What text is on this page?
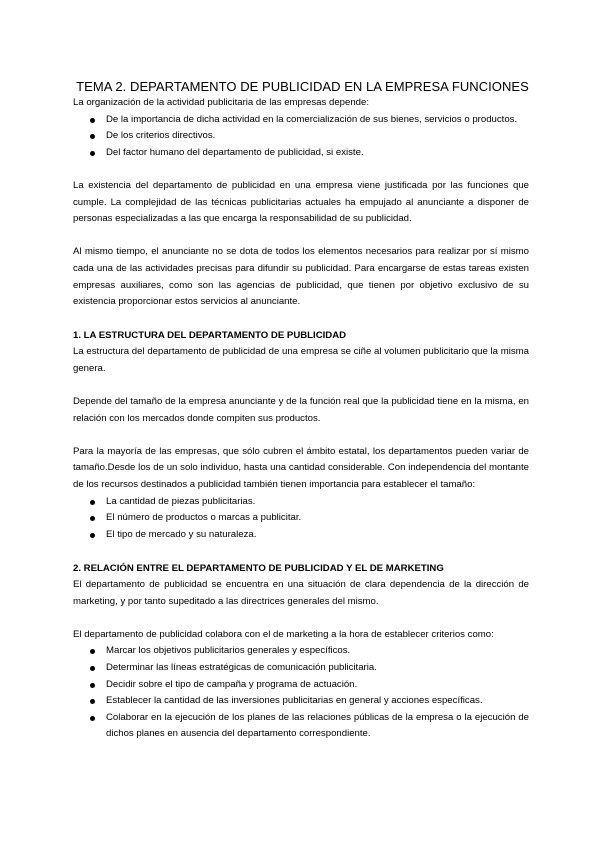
TEMA 2. DEPARTAMENTO DE PUBLICIDAD EN LA EMPRESA FUNCIONES

La organización de la actividad publicitaria de las empresas depende:

De la importancia de dicha actividad en la comercialización de sus bienes, servicios o productos.
De los criterios directivos.
Del factor humano del departamento de publicidad, si existe.

La existencia del departamento de publicidad en una empresa viene justificada por las funciones que cumple. La complejidad de las técnicas publicitarias actuales ha empujado al anunciante a disponer de personas especializadas a las que encarga la responsabilidad de su publicidad.

Al mismo tiempo, el anunciante no se dota de todos los elementos necesarios para realizar por sí mismo cada una de las actividades precisas para difundir su publicidad. Para encargarse de estas tareas existen empresas auxiliares, como son las agencias de publicidad, que tienen por objetivo exclusivo de su existencia proporcionar estos servicios al anunciante.

1. LA ESTRUCTURA DEL DEPARTAMENTO DE PUBLICIDAD

La estructura del departamento de publicidad de una empresa se ciñe al volumen publicitario que la misma genera.

Depende del tamaño de la empresa anunciante y de la función real que la publicidad tiene en la misma, en relación con los mercados donde compiten sus productos.

Para la mayoría de las empresas, que sólo cubren el ámbito estatal, los departamentos pueden variar de tamaño.Desde los de un solo individuo, hasta una cantidad considerable. Con independencia del montante de los recursos destinados a publicidad también tienen importancia para establecer el tamaño:

La cantidad de piezas publicitarias.
El número de productos o marcas a publicitar.
El tipo de mercado y su naturaleza.
2. RELACIÓN ENTRE EL DEPARTAMENTO DE PUBLICIDAD Y EL DE MARKETING

El departamento de publicidad se encuentra en una situación de clara dependencia de la dirección de marketing, y por tanto supeditado a las directrices generales del mismo.

El departamento de publicidad colabora con el de marketing a la hora de establecer criterios como:

Marcar los objetivos publicitarios generales y específicos.
Determinar las líneas estratégicas de comunicación publicitaria.
Decidir sobre el tipo de campaña y programa de actuación.
Establecer la cantidad de las inversiones publicitarias en general y acciones específicas.
Colaborar en la ejecución de los planes de las relaciones públicas de la empresa o la ejecución de dichos planes en ausencia del departamento correspondiente.
